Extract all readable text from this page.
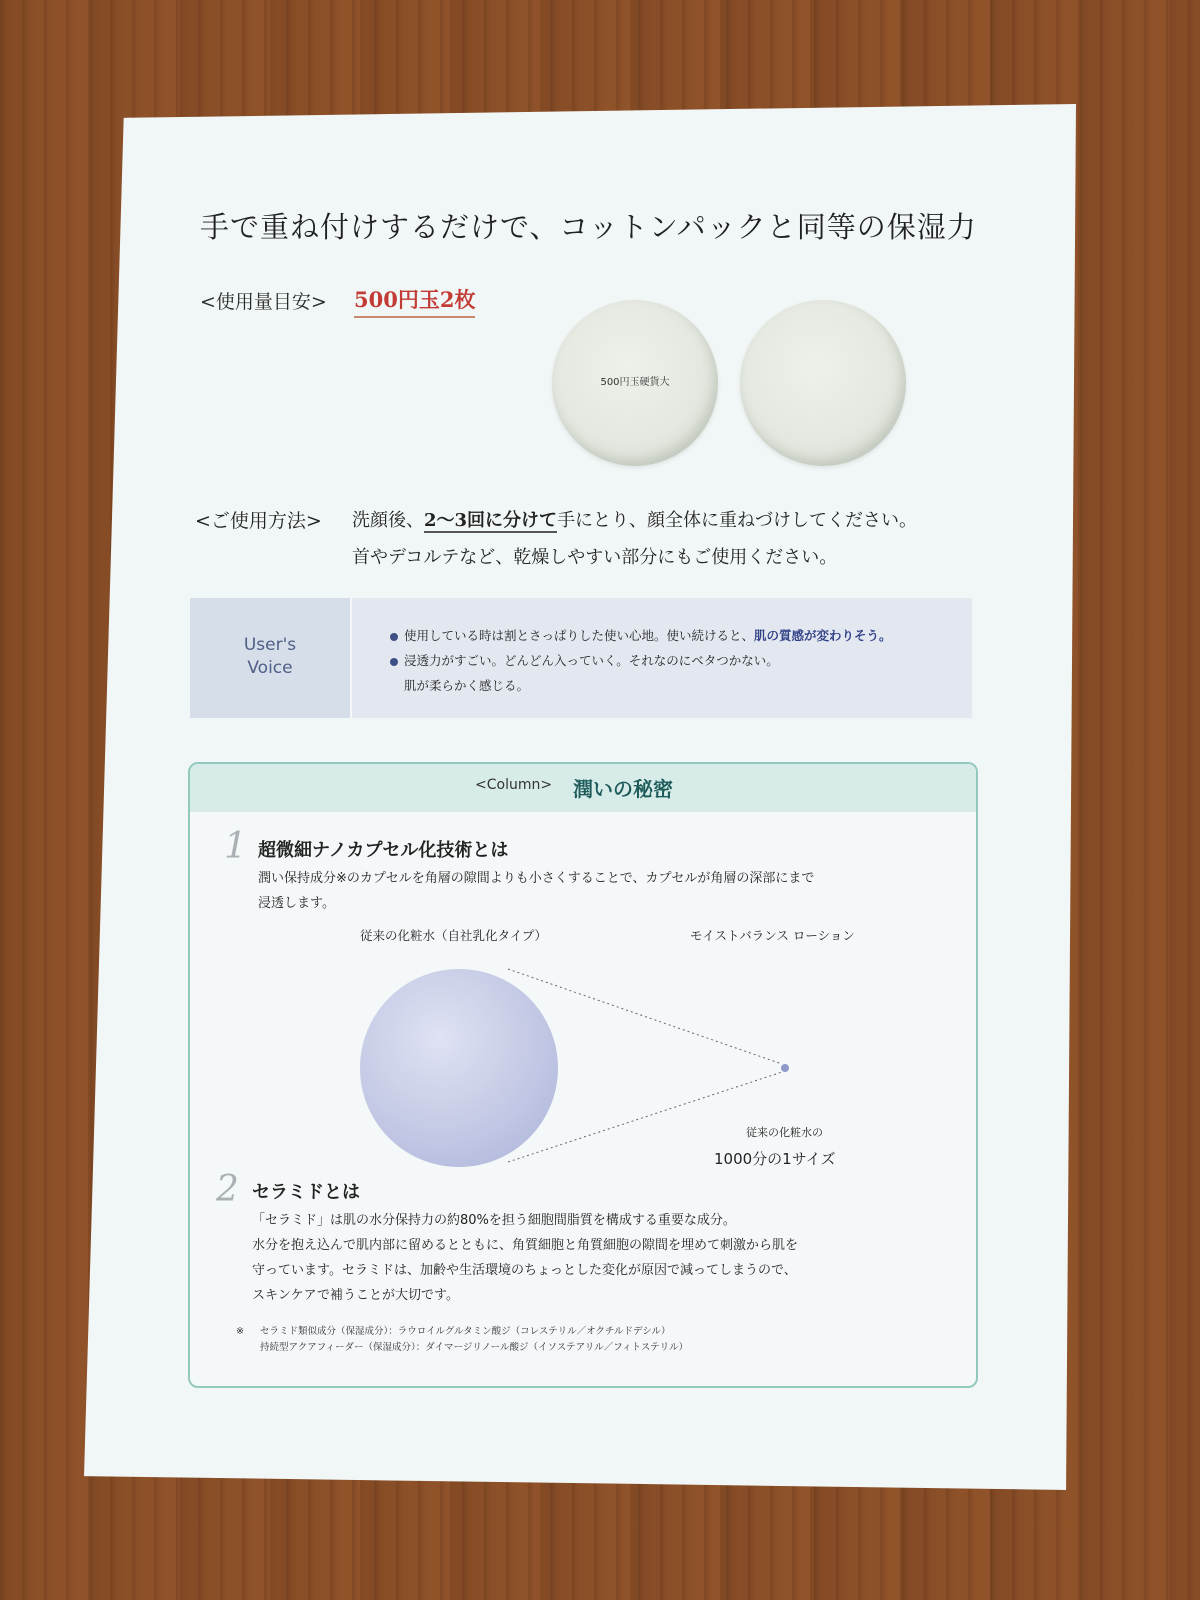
手で重ね付けするだけで、コットンパックと同等の保湿力
<使用量目安> 500円玉2枚
500円玉硬貨大
<ご使用方法> 洗顔後、2〜3回に分けて手にとり、顔全体に重ねづけしてください。
首やデコルテなど、乾燥しやすい部分にもご使用ください。
User's
Voice
使用している時は割とさっぱりした使い心地。使い続けると、肌の質感が変わりそう。
浸透力がすごい。どんどん入っていく。それなのにベタつかない。
肌が柔らかく感じる。
<Column> 潤いの秘密
1 超微細ナノカプセル化技術とは
潤い保持成分※のカプセルを角層の隙間よりも小さくすることで、カプセルが角層の深部にまで
浸透します。
従来の化粧水（自社乳化タイプ）	モイストバランス ローション
従来の化粧水の
1000分の1サイズ
2 セラミドとは
「セラミド」は肌の水分保持力の約80%を担う細胞間脂質を構成する重要な成分。
水分を抱え込んで肌内部に留めるとともに、角質細胞と角質細胞の隙間を埋めて刺激から肌を
守っています。セラミドは、加齢や生活環境のちょっとした変化が原因で減ってしまうので、
スキンケアで補うことが大切です。
※ セラミド類似成分（保湿成分）：ラウロイルグルタミン酸ジ（コレステリル／オクチルドデシル）
持続型アクアフィーダー（保湿成分）：ダイマージリノール酸ジ（イソステアリル／フィトステリル）
